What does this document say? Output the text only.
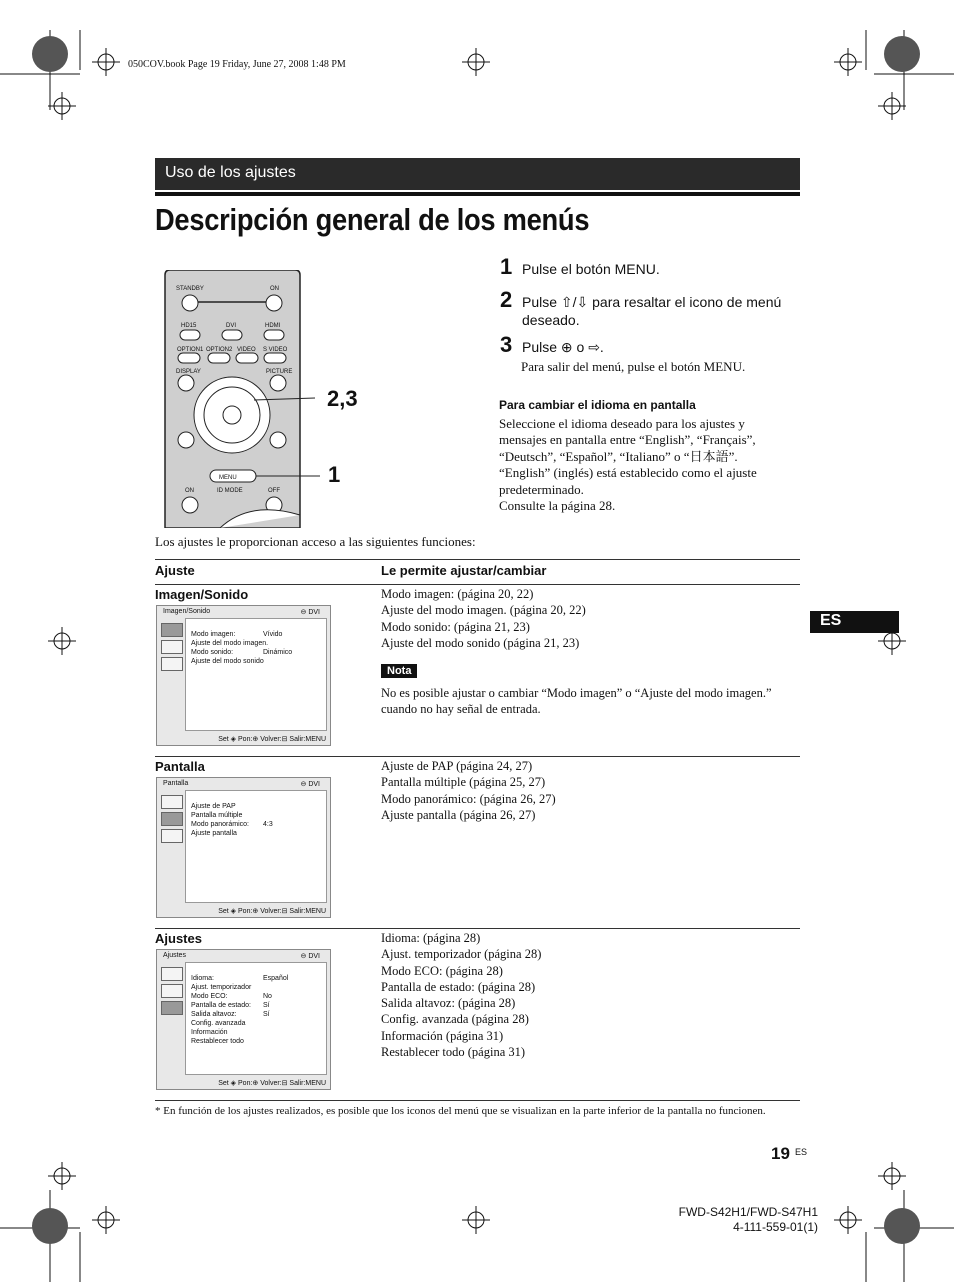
050COV.book Page 19 Friday, June 27, 2008 1:48 PM
Uso de los ajustes
Descripción general de los menús
STANDBY	ON
HD15	DVI	HDMI
OPTION1 OPTION2 VIDEO S VIDEO
DISPLAY	PICTURE
MENU
ON	ID MODE	OFF
2,3
1
1 Pulse el botón MENU.
2 Pulse ⇧/⇩ para resaltar el icono de menú deseado.
3 Pulse ⊕ o ⇨.
Para salir del menú, pulse el botón MENU.
Para cambiar el idioma en pantalla
Seleccione el idioma deseado para los ajustes y
mensajes en pantalla entre “English”, “Français”,
“Deutsch”, “Español”, “Italiano” o “日本語”.
“English” (inglés) está establecido como el ajuste
predeterminado.
Consulte la página 28.
Los ajustes le proporcionan acceso a las siguientes funciones:
Ajuste	Le permite ajustar/cambiar
Imagen/Sonido
Imagen/Sonido	⊖ DVI
Modo imagen:	Vívido
Ajuste del modo imagen.
Modo sonido:	Dinámico
Ajuste del modo sonido
Set ◈ Pon:⊕ Volver:⊟ Salir:MENU
Modo imagen: (página 20, 22)
Ajuste del modo imagen. (página 20, 22)
Modo sonido: (página 21, 23)
Ajuste del modo sonido (página 21, 23)
Nota
No es posible ajustar o cambiar “Modo imagen” o “Ajuste del modo imagen.”
cuando no hay señal de entrada.
Pantalla
Pantalla	⊖ DVI
Ajuste de PAP
Pantalla múltiple
Modo panorámico: 4:3
Ajuste pantalla
Set ◈ Pon:⊕ Volver:⊟ Salir:MENU
Ajuste de PAP (página 24, 27)
Pantalla múltiple (página 25, 27)
Modo panorámico: (página 26, 27)
Ajuste pantalla (página 26, 27)
Ajustes
Ajustes	⊖ DVI
Idioma:	Español
Ajust. temporizador
Modo ECO:	No
Pantalla de estado: Sí
Salida altavoz:	Sí
Config. avanzada
Información
Restablecer todo
Set ◈ Pon:⊕ Volver:⊟ Salir:MENU
Idioma: (página 28)
Ajust. temporizador (página 28)
Modo ECO: (página 28)
Pantalla de estado: (página 28)
Salida altavoz: (página 28)
Config. avanzada (página 28)
Información (página 31)
Restablecer todo (página 31)
* En función de los ajustes realizados, es posible que los iconos del menú que se visualizan en la parte inferior de la pantalla no funcionen.
ES
19 ES
FWD-S42H1/FWD-S47H1
4-111-559-01(1)
